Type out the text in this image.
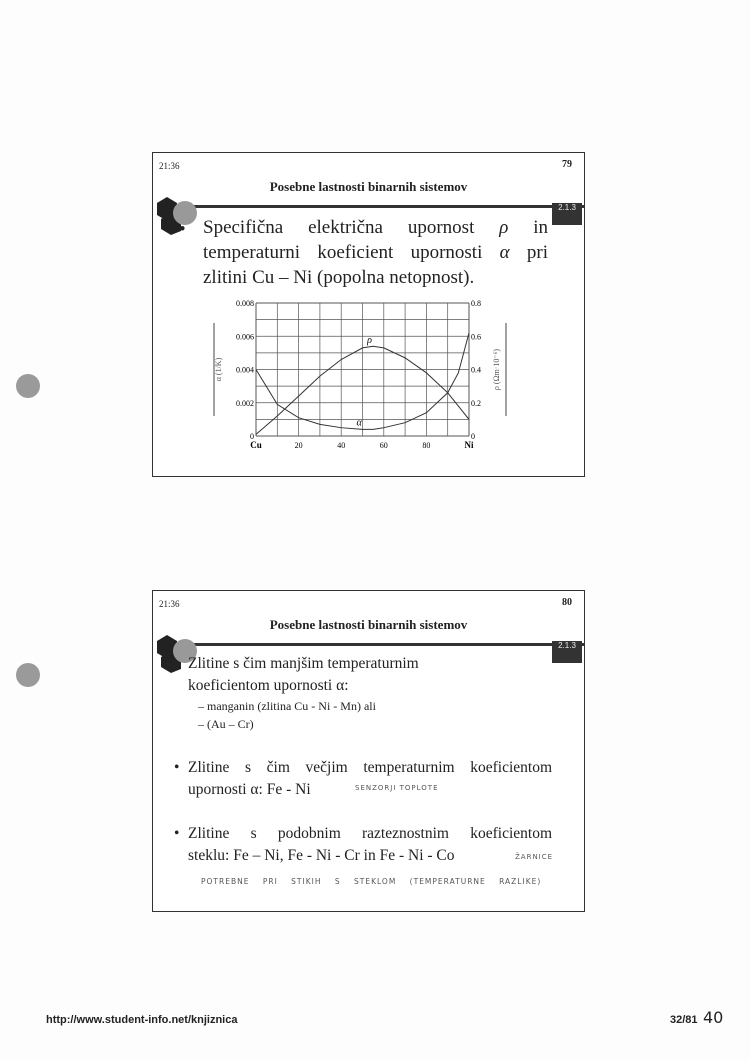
21:36	79
Posebne lastnosti binarnih sistemov
2.1.3
• Specifična električna upornost ρ in
temperaturni koeficient upornosti α pri
zlitini Cu – Ni (popolna netopnost).
0
0.002
0.004
0.006
0.008
0
0.2
0.4
0.6
0.8
Cu	20	40	60	80	Ni
α (1/K)	ρ (Ωm·10⁻⁶)
ρ
α
21:36	80
Posebne lastnosti binarnih sistemov
2.1.3
• Zlitine s čim manjšim temperaturnim
koeficientom upornosti α:
– manganin (zlitina Cu - Ni - Mn) ali
– (Au – Cr)
• Zlitine s čim večjim temperaturnim koeficientom
upornosti α: Fe - Ni	SENZORJI TOPLOTE
• Zlitine s podobnim razteznostnim koeficientom
steklu: Fe – Ni, Fe - Ni - Cr in Fe - Ni - Co	ŽARNICE
POTREBNE PRI STIKIH S STEKLOM (TEMPERATURNE RAZLIKE)
http://www.student-info.net/knjiznica	32/81 40
